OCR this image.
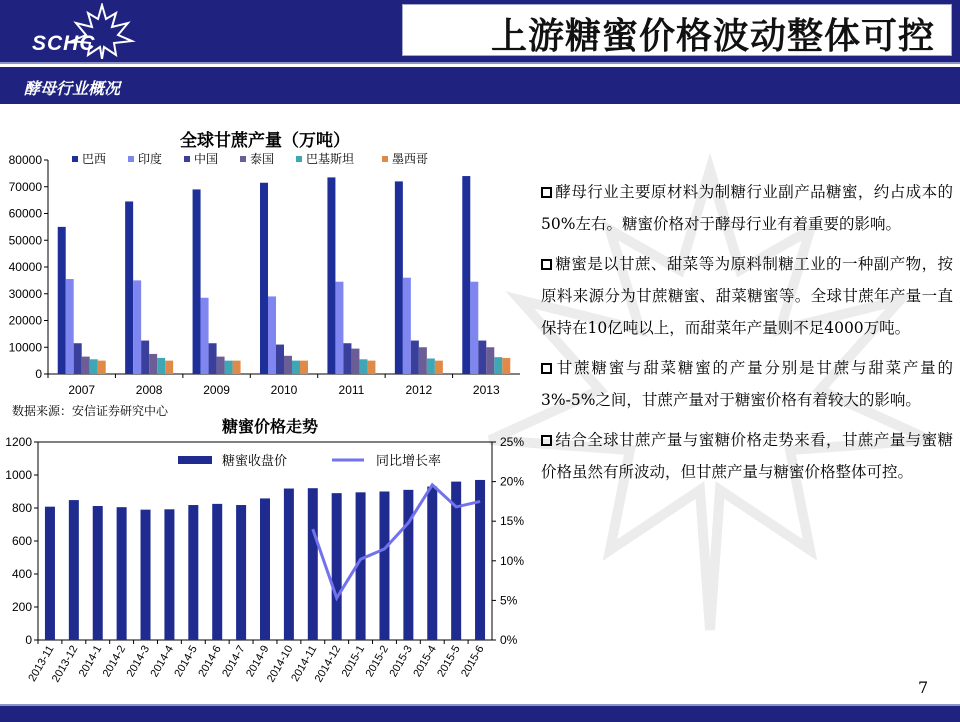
SCHC	上游糖蜜价格波动整体可控
酵母行业概况
全球甘蔗产量（万吨）
0
10000
20000
30000
40000
50000
60000
70000
80000
2007	2008	2009	2010	2011	2012	2013
巴西	印度	中国	泰国	巴基斯坦	墨西哥
数据来源：安信证券研究中心
糖蜜价格走势
0
200
400
600
800
1000
1200
0%
5%
10%
15%
20%
25%
2013-11
2013-12
2014-1
2014-2
2014-3
2014-4
2014-5
2014-6
2014-7
2014-9
2014-10
2014-11
2014-12
2015-1
2015-2
2015-3
2015-4
2015-5
2015-6
糖蜜收盘价	同比增长率
酵母行业主要原材料为制糖行业副产品糖蜜，约占成本的50%左右。糖蜜价格对于酵母行业有着重要的影响。
糖蜜是以甘蔗、甜菜等为原料制糖工业的一种副产物，按原料来源分为甘蔗糖蜜、甜菜糖蜜等。全球甘蔗年产量一直保持在10亿吨以上，而甜菜年产量则不足4000万吨。
甘蔗糖蜜与甜菜糖蜜的产量分别是甘蔗与甜菜产量的3%-5%之间，甘蔗产量对于糖蜜价格有着较大的影响。
结合全球甘蔗产量与蜜糖价格走势来看，甘蔗产量与蜜糖价格虽然有所波动，但甘蔗产量与糖蜜价格整体可控。
7
